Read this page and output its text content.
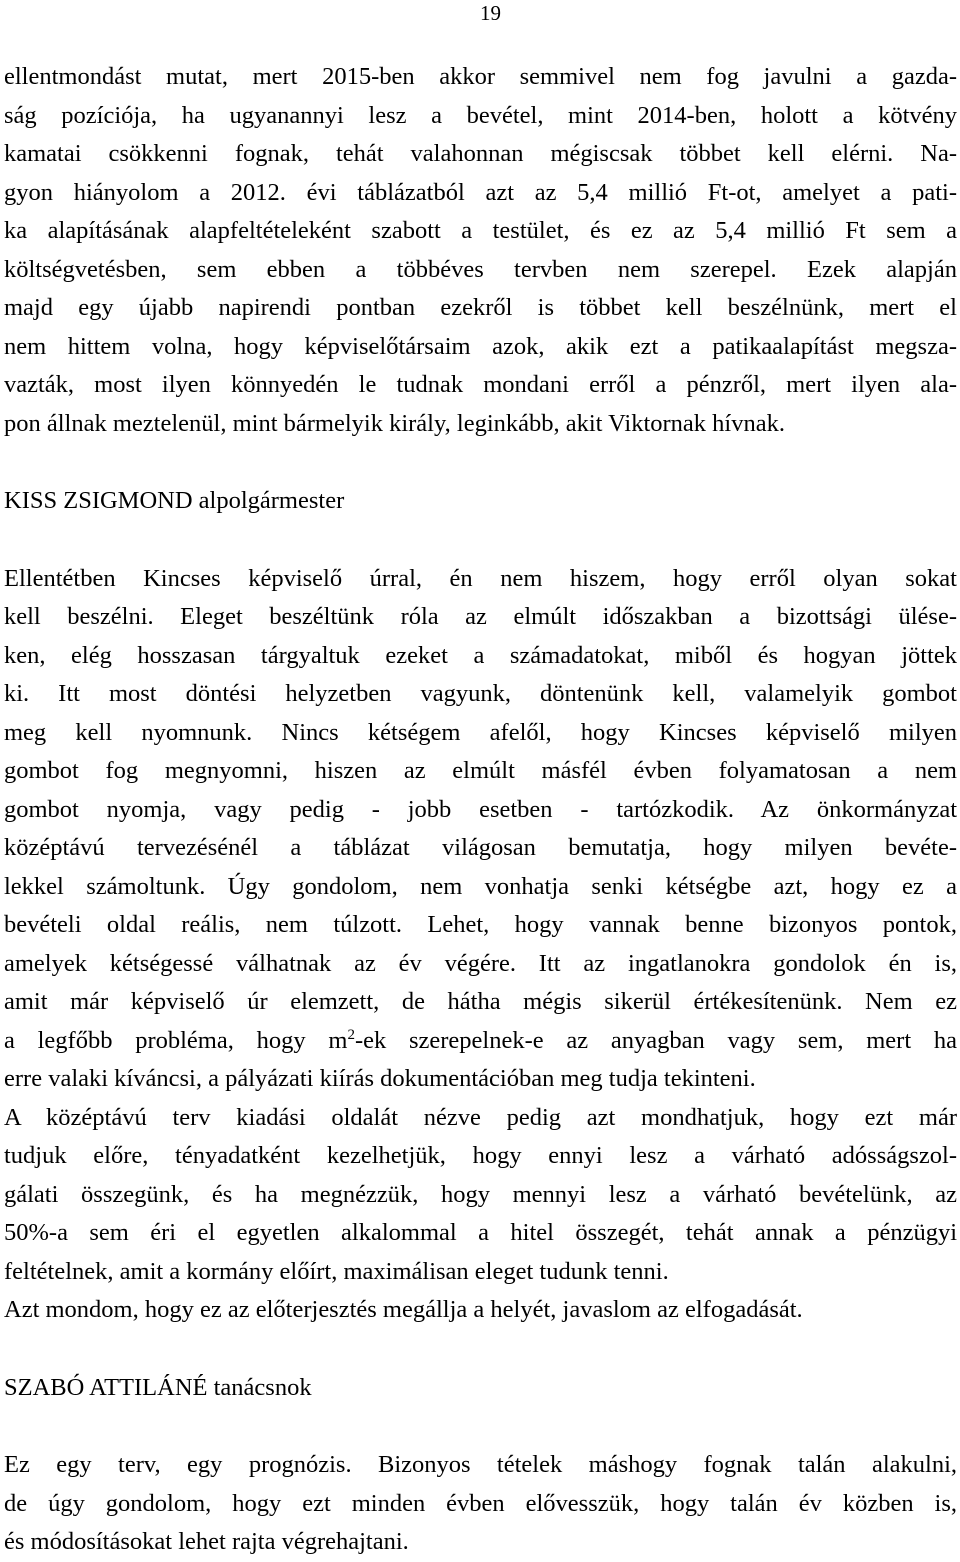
19
ellentmondást mutat, mert 2015-ben akkor semmivel nem fog javulni a gazda-
ság pozíciója, ha ugyanannyi lesz a bevétel, mint 2014-ben, holott a kötvény
kamatai csökkenni fognak, tehát valahonnan mégiscsak többet kell elérni. Na-
gyon hiányolom a 2012. évi táblázatból azt az 5,4 millió Ft-ot, amelyet a pati-
ka alapításának alapfeltételeként szabott a testület, és ez az 5,4 millió Ft sem a
költségvetésben, sem ebben a többéves tervben nem szerepel. Ezek alapján
majd egy újabb napirendi pontban ezekről is többet kell beszélnünk, mert el
nem hittem volna, hogy képviselőtársaim azok, akik ezt a patikaalapítást megsza-
vazták, most ilyen könnyedén le tudnak mondani erről a pénzről, mert ilyen ala-
pon állnak meztelenül, mint bármelyik király, leginkább, akit Viktornak hívnak.
KISS ZSIGMOND alpolgármester
Ellentétben Kincses képviselő úrral, én nem hiszem, hogy erről olyan sokat
kell beszélni. Eleget beszéltünk róla az elmúlt időszakban a bizottsági ülése-
ken, elég hosszasan tárgyaltuk ezeket a számadatokat, miből és hogyan jöttek
ki. Itt most döntési helyzetben vagyunk, döntenünk kell, valamelyik gombot
meg kell nyomnunk. Nincs kétségem afelől, hogy Kincses képviselő milyen
gombot fog megnyomni, hiszen az elmúlt másfél évben folyamatosan a nem
gombot nyomja, vagy pedig - jobb esetben - tartózkodik. Az önkormányzat
középtávú tervezésénél a táblázat világosan bemutatja, hogy milyen bevéte-
lekkel számoltunk. Úgy gondolom, nem vonhatja senki kétségbe azt, hogy ez a
bevételi oldal reális, nem túlzott. Lehet, hogy vannak benne bizonyos pontok,
amelyek kétségessé válhatnak az év végére. Itt az ingatlanokra gondolok én is,
amit már képviselő úr elemzett, de hátha mégis sikerül értékesítenünk. Nem ez
a legfőbb probléma, hogy $m^2-ek$ szerepelnek-e az anyagban vagy sem, mert ha
erre valaki kíváncsi, a pályázati kiírás dokumentációban meg tudja tekinteni.
A középtávú terv kiadási oldalát nézve pedig azt mondhatjuk, hogy ezt már
tudjuk előre, tényadatként kezelhetjük, hogy ennyi lesz a várható adósságszol-
gálati összegünk, és ha megnézzük, hogy mennyi lesz a várható bevételünk, az
50%-a sem éri el egyetlen alkalommal a hitel összegét, tehát annak a pénzügyi
feltételnek, amit a kormány előírt, maximálisan eleget tudunk tenni.
Azt mondom, hogy ez az előterjesztés megállja a helyét, javaslom az elfogadását.
SZABÓ ATTILÁNÉ tanácsnok
Ez egy terv, egy prognózis. Bizonyos tételek máshogy fognak talán alakulni,
de úgy gondolom, hogy ezt minden évben elővesszük, hogy talán év közben is,
és módosításokat lehet rajta végrehajtani.
